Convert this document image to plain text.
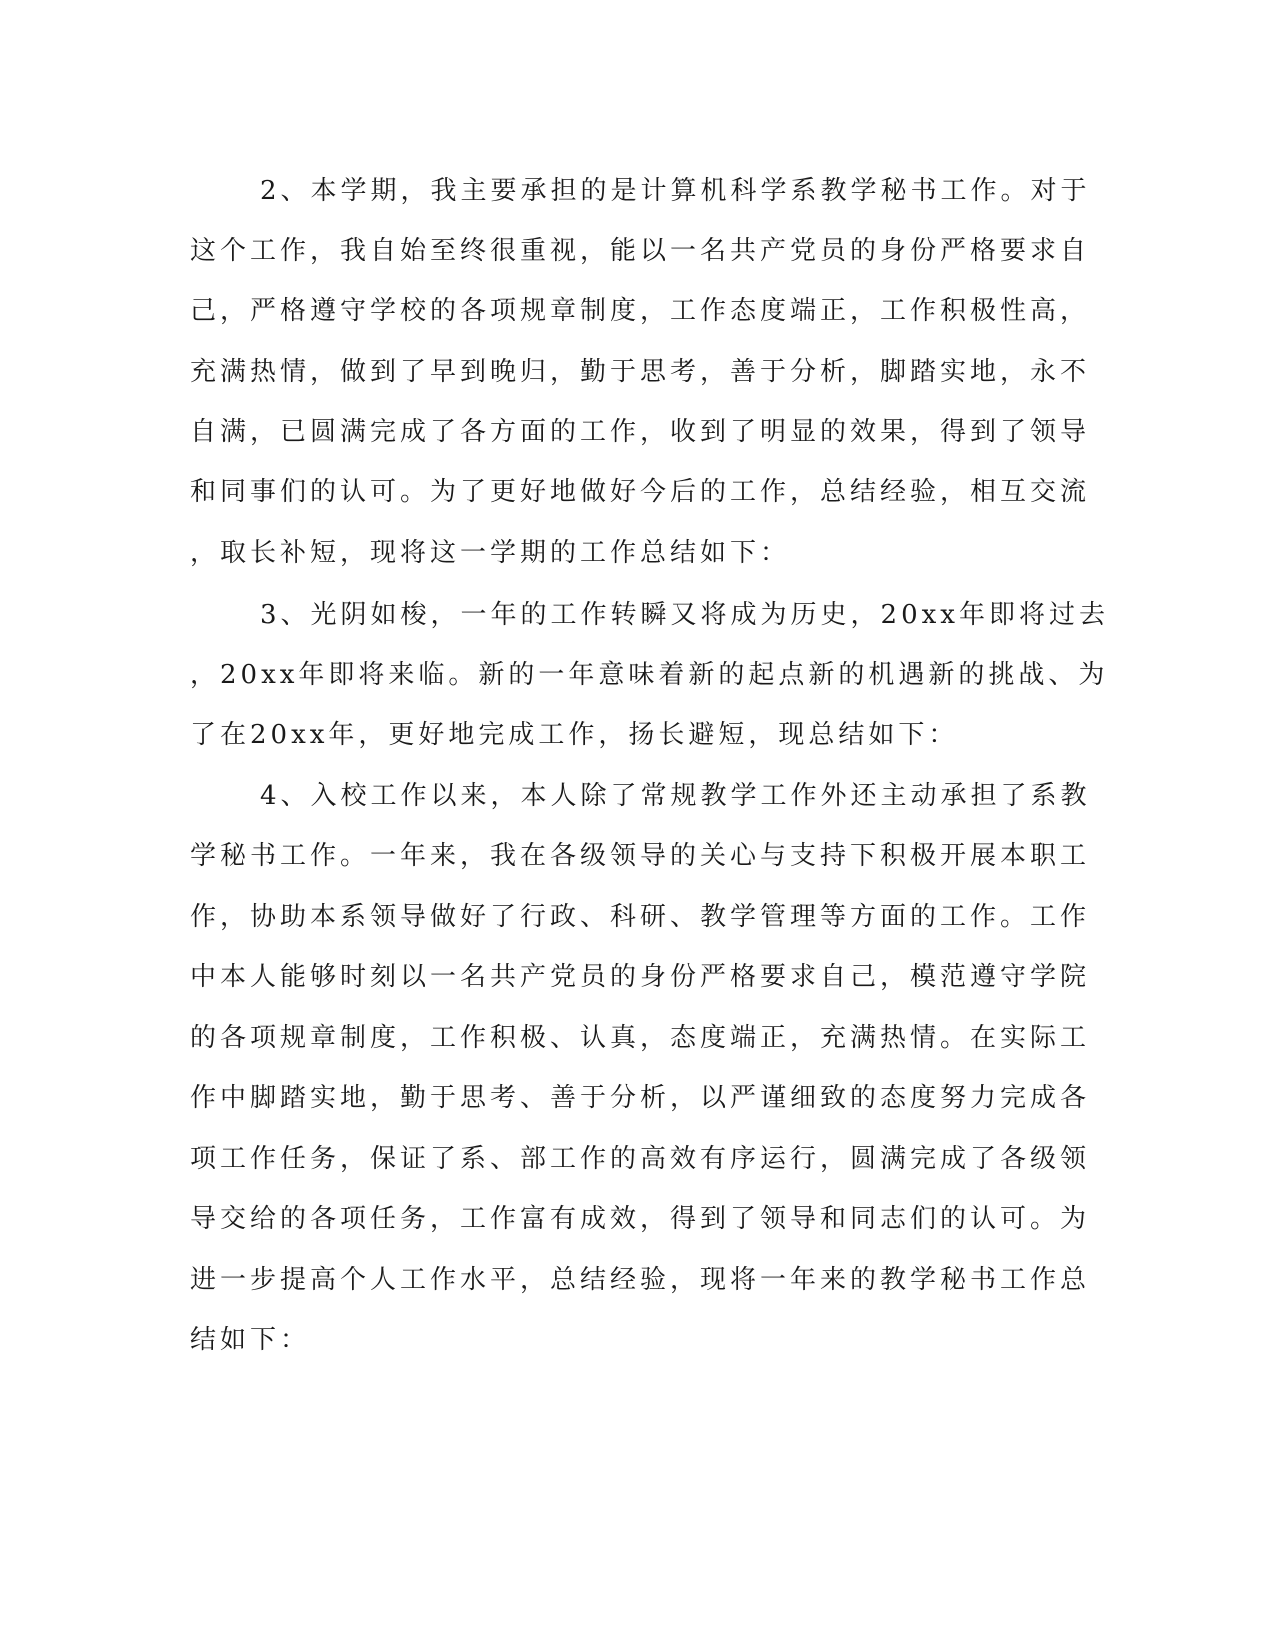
2、本学期，我主要承担的是计算机科学系教学秘书工作。对于

这个工作，我自始至终很重视，能以一名共产党员的身份严格要求自

己，严格遵守学校的各项规章制度，工作态度端正，工作积极性高，

充满热情，做到了早到晚归，勤于思考，善于分析，脚踏实地，永不

自满，已圆满完成了各方面的工作，收到了明显的效果，得到了领导

和同事们的认可。为了更好地做好今后的工作，总结经验，相互交流

，取长补短，现将这一学期的工作总结如下：

3、光阴如梭，一年的工作转瞬又将成为历史，20xx年即将过去

，20xx年即将来临。新的一年意味着新的起点新的机遇新的挑战、为

了在20xx年，更好地完成工作，扬长避短，现总结如下：

4、入校工作以来，本人除了常规教学工作外还主动承担了系教

学秘书工作。一年来，我在各级领导的关心与支持下积极开展本职工

作，协助本系领导做好了行政、科研、教学管理等方面的工作。工作

中本人能够时刻以一名共产党员的身份严格要求自己，模范遵守学院

的各项规章制度，工作积极、认真，态度端正，充满热情。在实际工

作中脚踏实地，勤于思考、善于分析，以严谨细致的态度努力完成各

项工作任务，保证了系、部工作的高效有序运行，圆满完成了各级领

导交给的各项任务，工作富有成效，得到了领导和同志们的认可。为

进一步提高个人工作水平，总结经验，现将一年来的教学秘书工作总

结如下：
